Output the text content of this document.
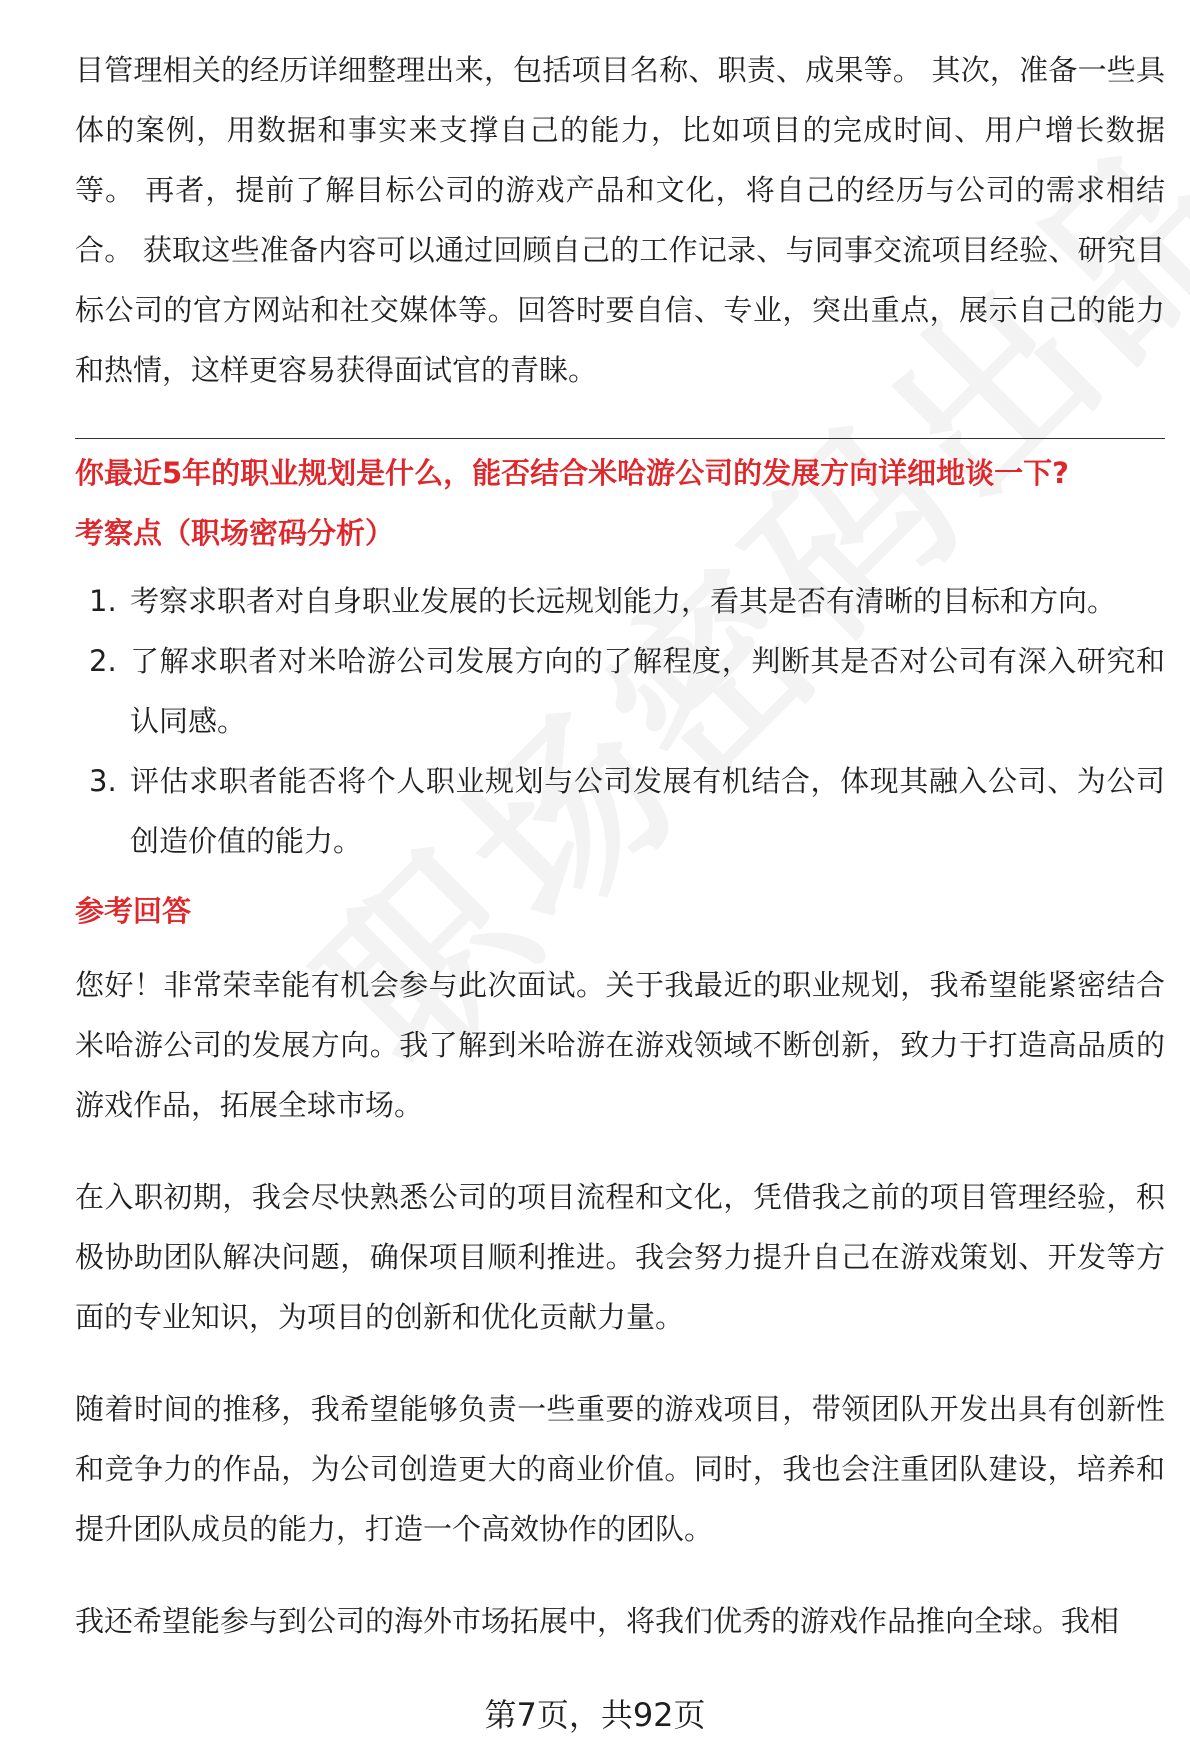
目管理相关的经历详细整理出来，包括项目名称、职责、成果等。 其次，准备一些具体的案例，用数据和事实来支撑自己的能力，比如项目的完成时间、用户增长数据等。 再者，提前了解目标公司的游戏产品和文化，将自己的经历与公司的需求相结合。 获取这些准备内容可以通过回顾自己的工作记录、与同事交流项目经验、研究目标公司的官方网站和社交媒体等。回答时要自信、专业，突出重点，展示自己的能力和热情，这样更容易获得面试官的青睐。

你最近5年的职业规划是什么，能否结合米哈游公司的发展方向详细地谈一下?

考察点（职场密码分析）

1. 考察求职者对自身职业发展的长远规划能力，看其是否有清晰的目标和方向。
2. 了解求职者对米哈游公司发展方向的了解程度，判断其是否对公司有深入研究和认同感。
3. 评估求职者能否将个人职业规划与公司发展有机结合，体现其融入公司、为公司创造价值的能力。

参考回答

您好！非常荣幸能有机会参与此次面试。关于我最近的职业规划，我希望能紧密结合米哈游公司的发展方向。我了解到米哈游在游戏领域不断创新，致力于打造高品质的游戏作品，拓展全球市场。

在入职初期，我会尽快熟悉公司的项目流程和文化，凭借我之前的项目管理经验，积极协助团队解决问题，确保项目顺利推进。我会努力提升自己在游戏策划、开发等方面的专业知识，为项目的创新和优化贡献力量。

随着时间的推移，我希望能够负责一些重要的游戏项目，带领团队开发出具有创新性和竞争力的作品，为公司创造更大的商业价值。同时，我也会注重团队建设，培养和提升团队成员的能力，打造一个高效协作的团队。

我还希望能参与到公司的海外市场拓展中，将我们优秀的游戏作品推向全球。我相

第7页，共92页
